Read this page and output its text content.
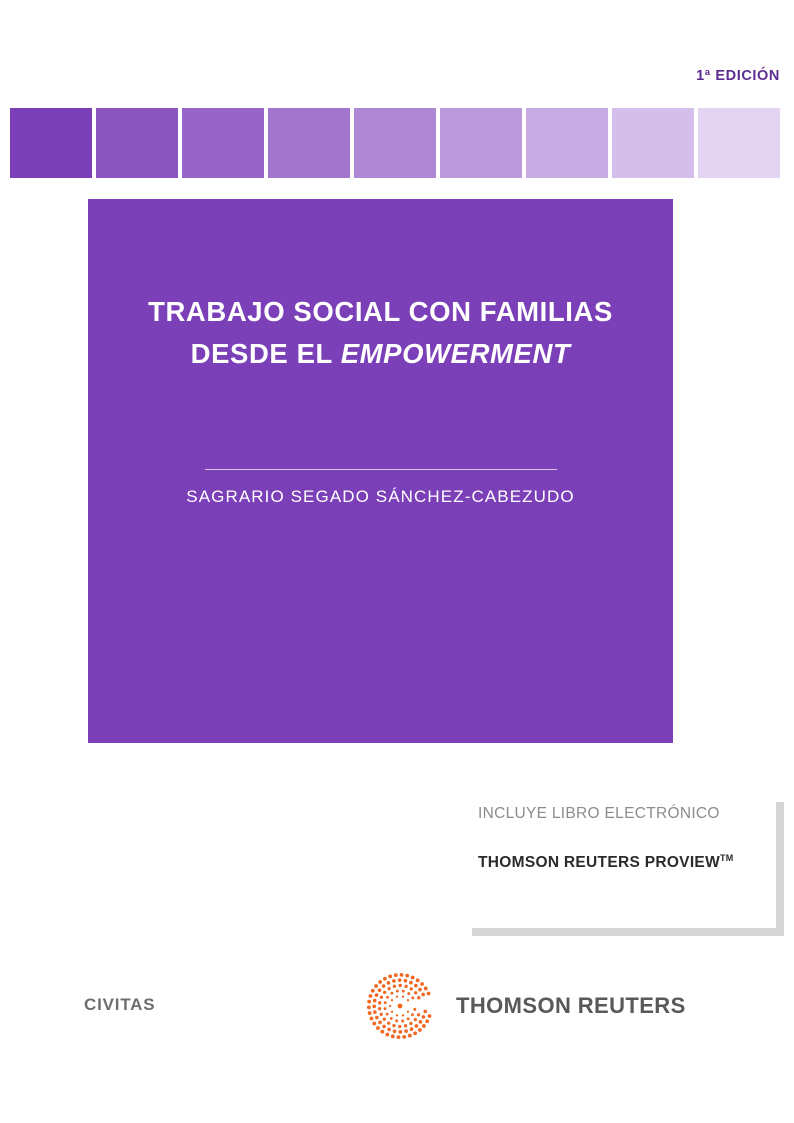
1ª EDICIÓN
TRABAJO SOCIAL CON FAMILIAS
DESDE EL EMPOWERMENT
SAGRARIO SEGADO SÁNCHEZ-CABEZUDO
INCLUYE LIBRO ELECTRÓNICO
THOMSON REUTERS PROVIEW™
CIVITAS	THOMSON REUTERS
